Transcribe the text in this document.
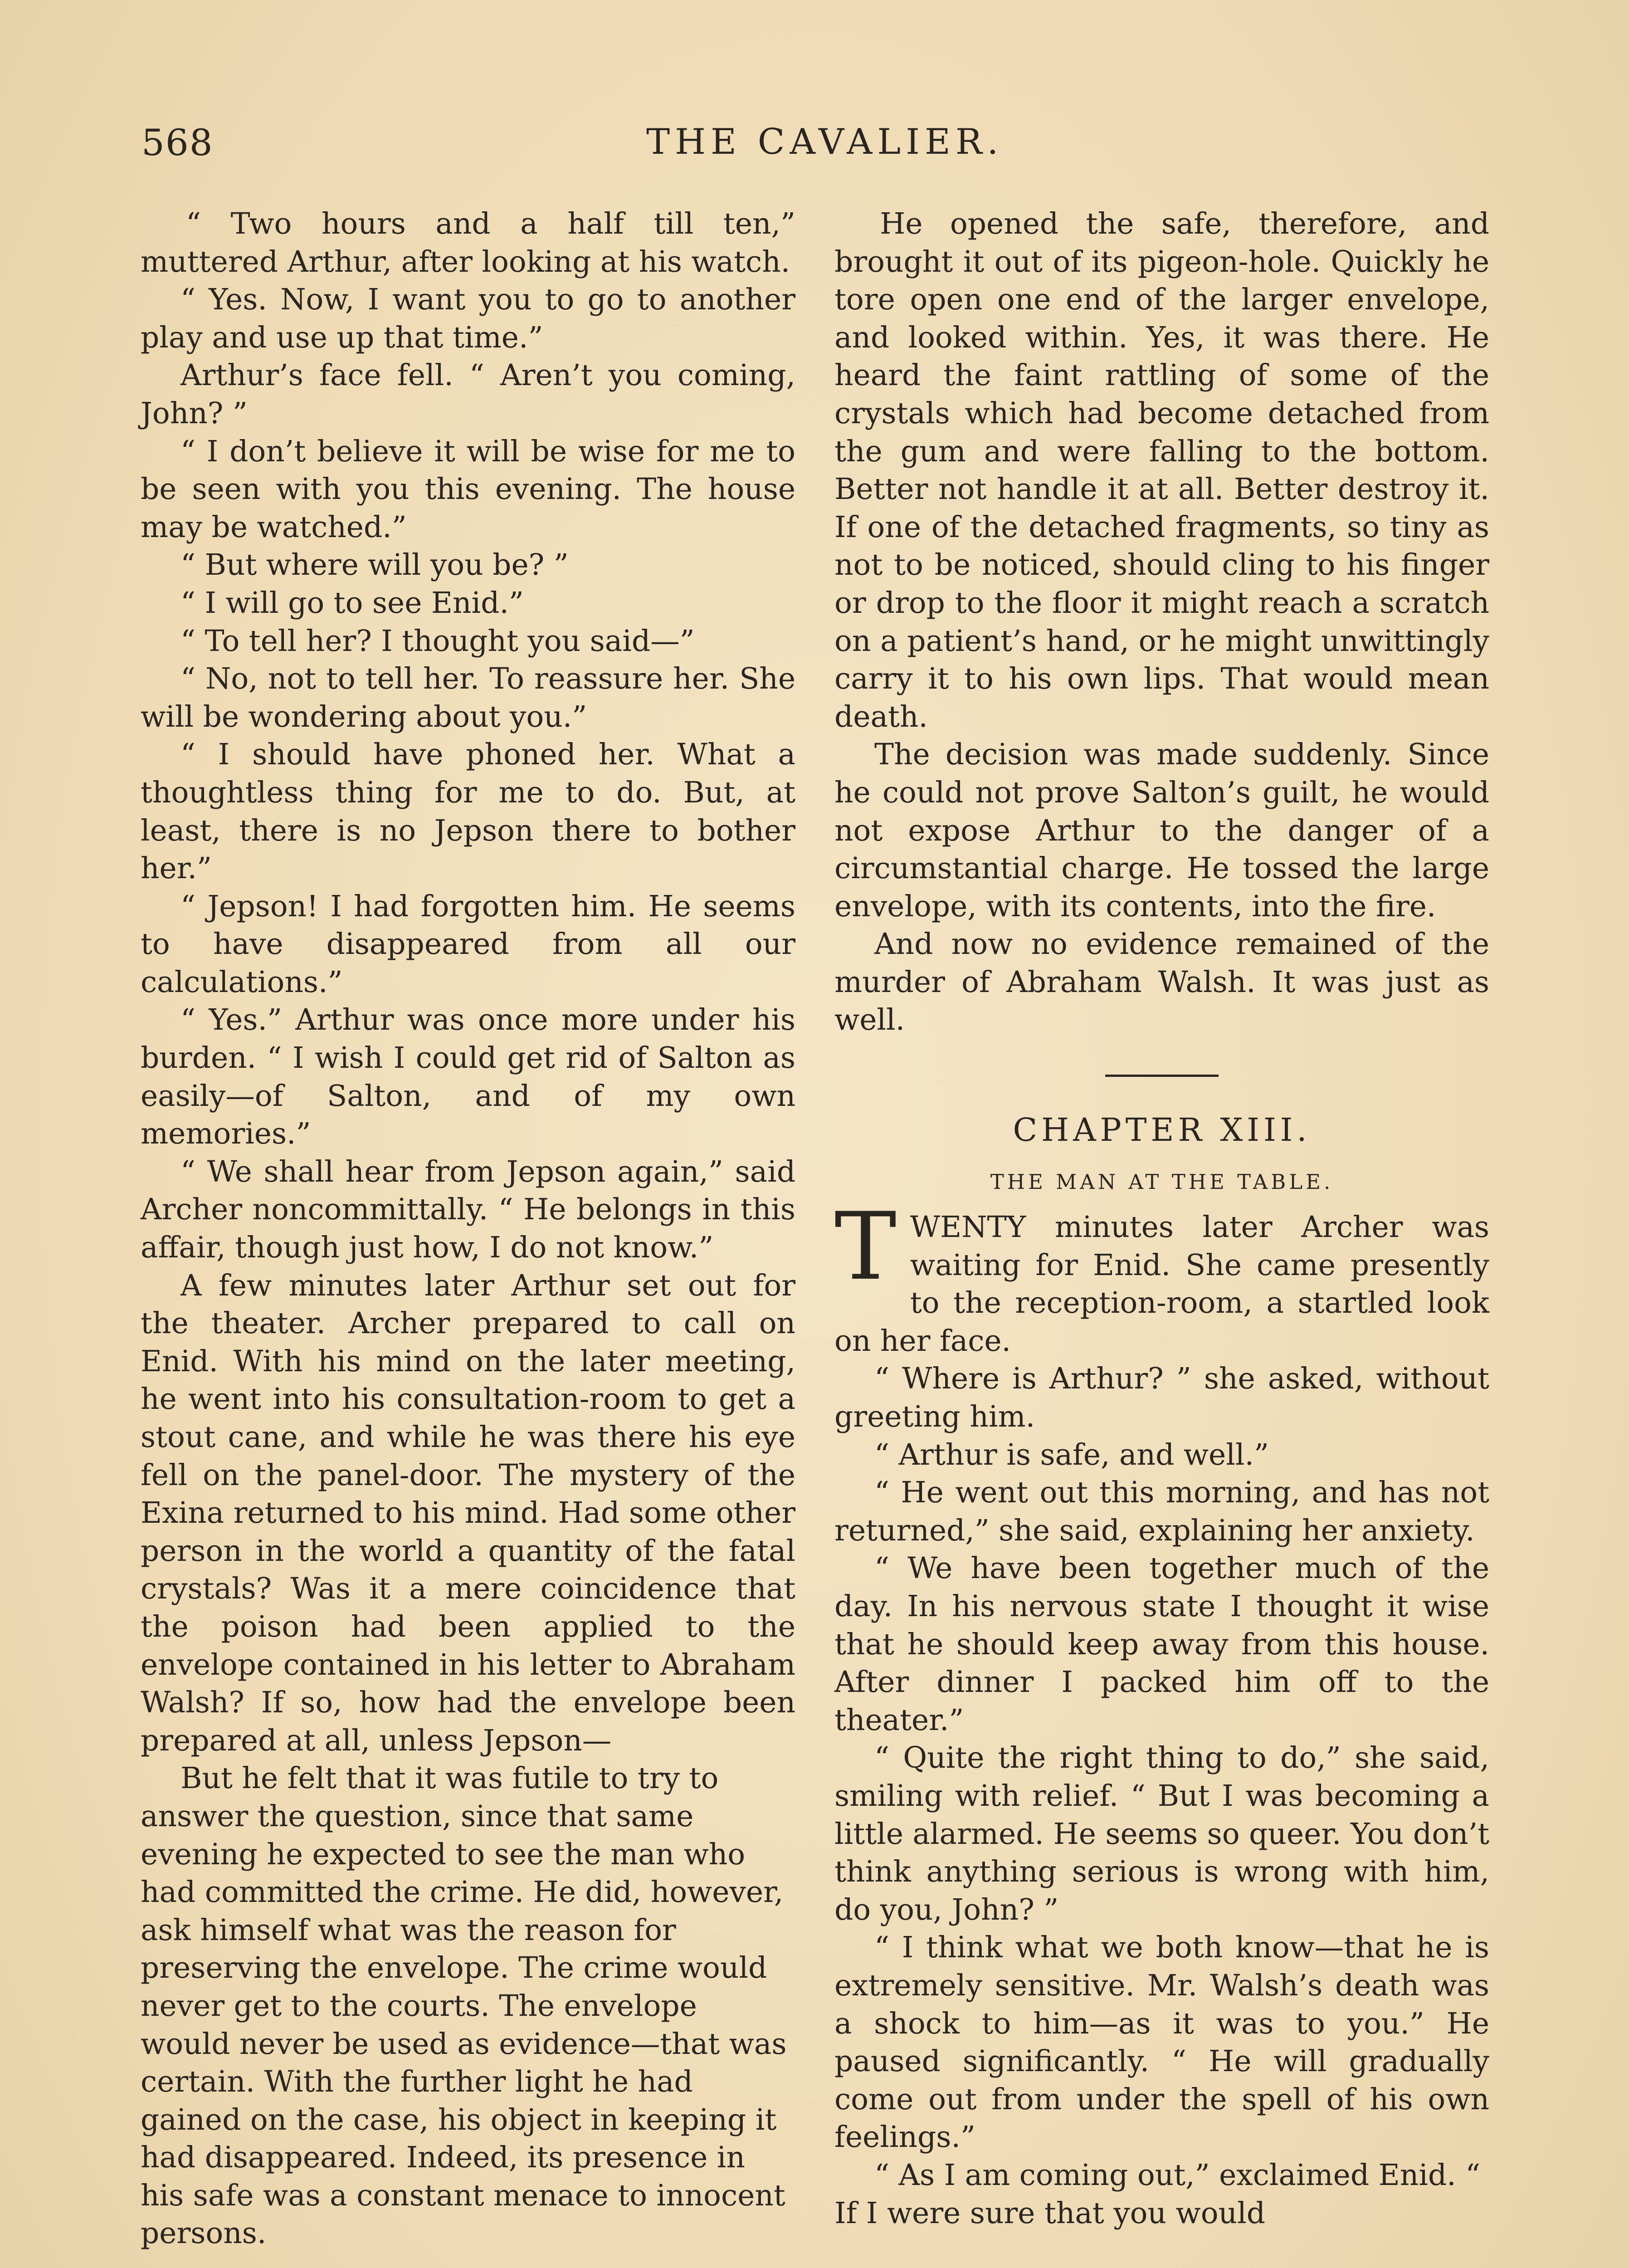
568	THE CAVALIER.

“ Two hours and a half till ten,” muttered Arthur, after looking at his watch.

“ Yes. Now, I want you to go to another play and use up that time.”

Arthur’s face fell. “ Aren’t you coming, John? ”

“ I don’t believe it will be wise for me to be seen with you this evening. The house may be watched.”

“ But where will you be? ”

“ I will go to see Enid.”

“ To tell her? I thought you said—”

“ No, not to tell her. To reassure her. She will be wondering about you.”

“ I should have phoned her. What a thoughtless thing for me to do. But, at least, there is no Jepson there to bother her.”

“ Jepson! I had forgotten him. He seems to have disappeared from all our calculations.”

“ Yes.” Arthur was once more under his burden. “ I wish I could get rid of Salton as easily—of Salton, and of my own memories.”

“ We shall hear from Jepson again,” said Archer noncommittally. “ He belongs in this affair, though just how, I do not know.”

A few minutes later Arthur set out for the theater. Archer prepared to call on Enid. With his mind on the later meeting, he went into his consultation-room to get a stout cane, and while he was there his eye fell on the panel-door. The mystery of the Exina returned to his mind. Had some other person in the world a quantity of the fatal crystals? Was it a mere coincidence that the poison had been applied to the envelope contained in his letter to Abraham Walsh? If so, how had the envelope been prepared at all, unless Jepson—

But he felt that it was futile to try to answer the question, since that same evening he expected to see the man who had committed the crime. He did, however, ask himself what was the reason for preserving the envelope. The crime would never get to the courts. The envelope would never be used as evidence—that was certain. With the further light he had gained on the case, his object in keeping it had disappeared. Indeed, its presence in his safe was a constant menace to innocent persons.

He opened the safe, therefore, and brought it out of its pigeon-hole. Quickly he tore open one end of the larger envelope, and looked within. Yes, it was there. He heard the faint rattling of some of the crystals which had become detached from the gum and were falling to the bottom. Better not handle it at all. Better destroy it. If one of the detached fragments, so tiny as not to be noticed, should cling to his finger or drop to the floor it might reach a scratch on a patient’s hand, or he might unwittingly carry it to his own lips. That would mean death.

The decision was made suddenly. Since he could not prove Salton’s guilt, he would not expose Arthur to the danger of a circumstantial charge. He tossed the large envelope, with its contents, into the fire.

And now no evidence remained of the murder of Abraham Walsh. It was just as well.

CHAPTER XIII.
THE MAN AT THE TABLE.

TWENTY minutes later Archer was waiting for Enid. She came presently to the reception-room, a startled look on her face.

“ Where is Arthur? ” she asked, without greeting him.

“ Arthur is safe, and well.”

“ He went out this morning, and has not returned,” she said, explaining her anxiety.

“ We have been together much of the day. In his nervous state I thought it wise that he should keep away from this house. After dinner I packed him off to the theater.”

“ Quite the right thing to do,” she said, smiling with relief. “ But I was becoming a little alarmed. He seems so queer. You don’t think anything serious is wrong with him, do you, John? ”

“ I think what we both know—that he is extremely sensitive. Mr. Walsh’s death was a shock to him—as it was to you.” He paused significantly. “ He will gradually come out from under the spell of his own feelings.”

“ As I am coming out,” exclaimed Enid. “ If I were sure that you would
